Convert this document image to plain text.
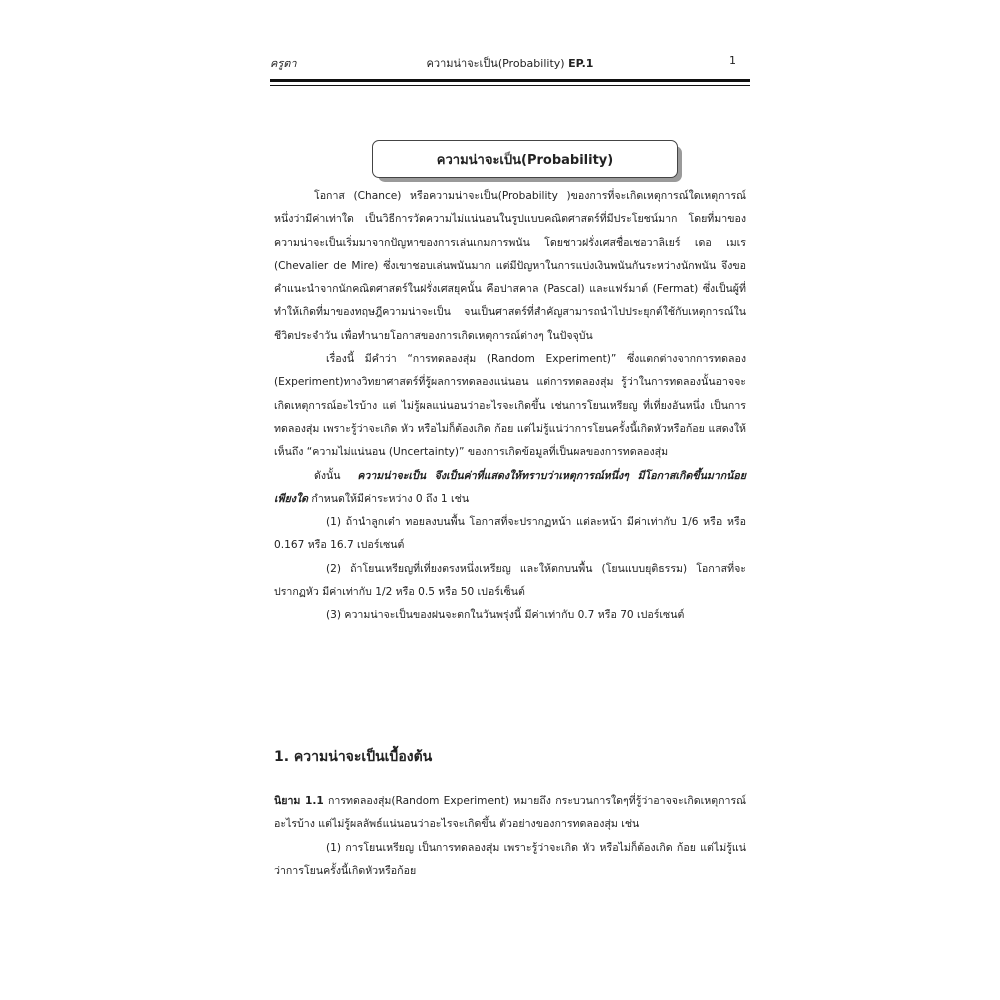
ครูตา	ความน่าจะเป็น(Probability) EP.1	1
ความน่าจะเป็น(Probability)

โอกาส (Chance) หรือความน่าจะเป็น(Probability )ของการที่จะเกิดเหตุการณ์ใดเหตุการณ์หนึ่งว่ามีค่าเท่าใด เป็นวิธีการวัดความไม่แน่นอนในรูปแบบคณิตศาสตร์ที่มีประโยชน์มาก โดยที่มาของความน่าจะเป็นเริ่มมาจากปัญหาของการเล่นเกมการพนัน โดยชาวฝรั่งเศสชื่อเชอวาลิเยร์ เดอ เมเร (Chevalier de Mire) ซึ่งเขาชอบเล่นพนันมาก แต่มีปัญหาในการแบ่งเงินพนันกันระหว่างนักพนัน จึงขอคำแนะนำจากนักคณิตศาสตร์ในฝรั่งเศสยุคนั้น คือปาสคาล (Pascal) และแฟร์มาต์ (Fermat) ซึ่งเป็นผู้ที่ทำให้เกิดที่มาของทฤษฎีความน่าจะเป็น จนเป็นศาสตร์ที่สำคัญสามารถนำไปประยุกต์ใช้กับเหตุการณ์ในชีวิตประจำวัน เพื่อทำนายโอกาสของการเกิดเหตุการณ์ต่างๆ ในปัจจุบัน

เรื่องนี้ มีคำว่า “การทดลองสุ่ม (Random Experiment)” ซึ่งแตกต่างจากการทดลอง (Experiment)ทางวิทยาศาสตร์ที่รู้ผลการทดลองแน่นอน แต่การทดลองสุ่ม รู้ว่าในการทดลองนั้นอาจจะ เกิดเหตุการณ์อะไรบ้าง แต่ ไม่รู้ผลแน่นอนว่าอะไรจะเกิดขึ้น เช่นการโยนเหรียญ ที่เที่ยงอันหนึ่ง เป็นการทดลองสุ่ม เพราะรู้ว่าจะเกิด หัว หรือไม่ก็ต้องเกิด ก้อย แต่ไม่รู้แน่ว่าการโยนครั้งนี้เกิดหัวหรือก้อย แสดงให้เห็นถึง “ความไม่แน่นอน (Uncertainty)” ของการเกิดข้อมูลที่เป็นผลของการทดลองสุ่ม

ดังนั้น ความน่าจะเป็น จึงเป็นค่าที่แสดงให้ทราบว่าเหตุการณ์หนึ่งๆ มีโอกาสเกิดขึ้นมากน้อยเพียงใด กำหนดให้มีค่าระหว่าง 0 ถึง 1 เช่น

(1) ถ้านำลูกเต๋า ทอยลงบนพื้น โอกาสที่จะปรากฏหน้า แต่ละหน้า มีค่าเท่ากับ 1/6 หรือ หรือ 0.167 หรือ 16.7 เปอร์เซนต์

(2) ถ้าโยนเหรียญที่เที่ยงตรงหนึ่งเหรียญ และให้ตกบนพื้น (โยนแบบยุติธรรม) โอกาสที่จะปรากฏหัว มีค่าเท่ากับ 1/2 หรือ 0.5 หรือ 50 เปอร์เซ็นต์

(3) ความน่าจะเป็นของฝนจะตกในวันพรุ่งนี้ มีค่าเท่ากับ 0.7 หรือ 70 เปอร์เซนต์

1. ความน่าจะเป็นเบื้องต้น

นิยาม 1.1 การทดลองสุ่ม(Random Experiment) หมายถึง กระบวนการใดๆที่รู้ว่าอาจจะเกิดเหตุการณ์อะไรบ้าง แต่ไม่รู้ผลลัพธ์แน่นอนว่าอะไรจะเกิดขึ้น ตัวอย่างของการทดลองสุ่ม เช่น

(1) การโยนเหรียญ เป็นการทดลองสุ่ม เพราะรู้ว่าจะเกิด หัว หรือไม่ก็ต้องเกิด ก้อย แต่ไม่รู้แน่ว่าการโยนครั้งนี้เกิดหัวหรือก้อย
